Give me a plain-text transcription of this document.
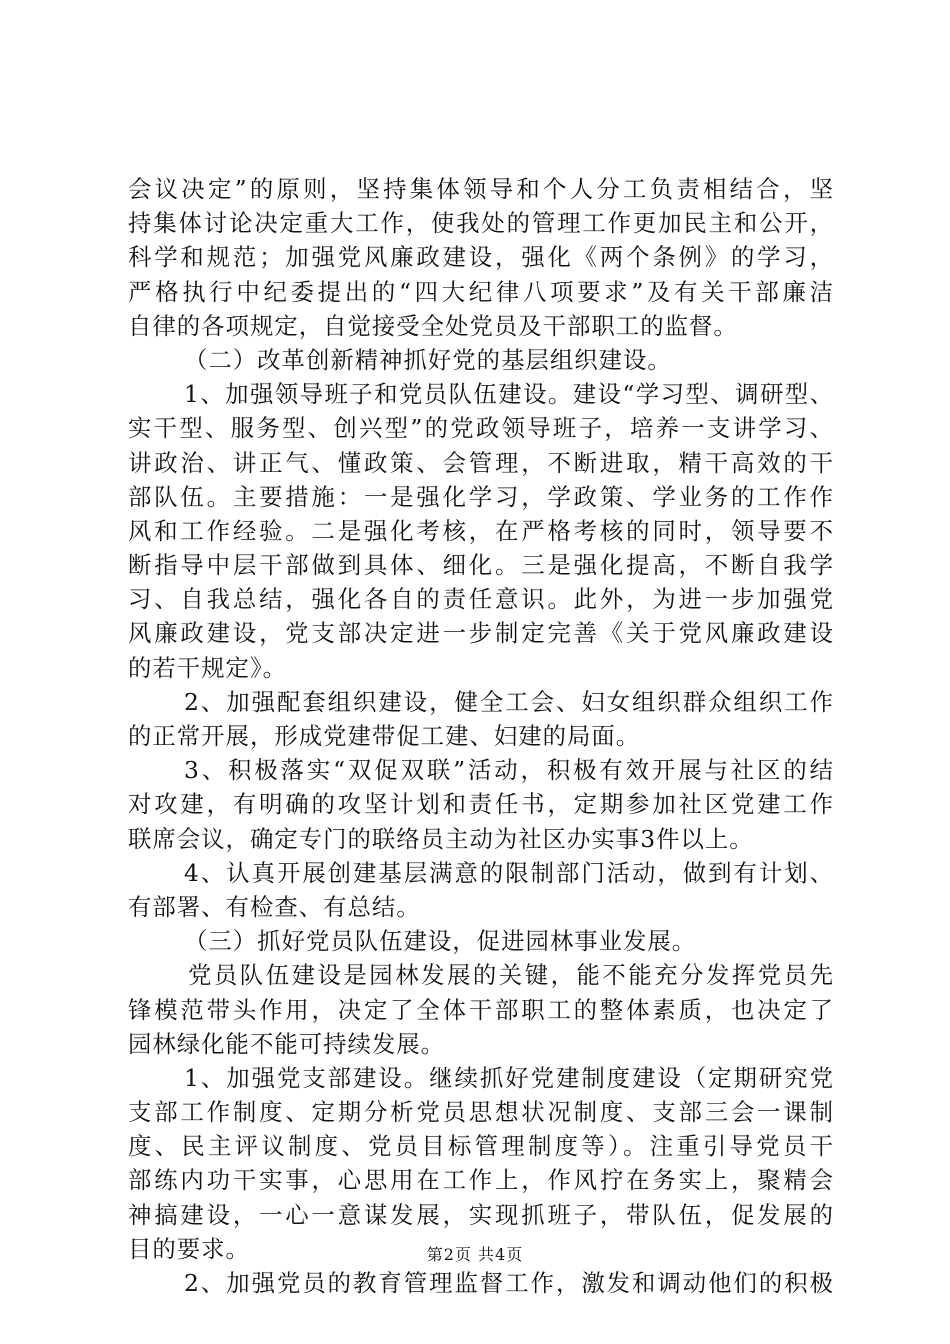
会议决定”的原则，坚持集体领导和个人分工负责相结合，坚
持集体讨论决定重大工作，使我处的管理工作更加民主和公开，
科学和规范；加强党风廉政建设，强化《两个条例》的学习，
严格执行中纪委提出的“四大纪律八项要求”及有关干部廉洁
自律的各项规定，自觉接受全处党员及干部职工的监督。
（二）改革创新精神抓好党的基层组织建设。
1、加强领导班子和党员队伍建设。建设“学习型、调研型、
实干型、服务型、创兴型”的党政领导班子，培养一支讲学习、
讲政治、讲正气、懂政策、会管理，不断进取，精干高效的干
部队伍。主要措施：一是强化学习，学政策、学业务的工作作
风和工作经验。二是强化考核，在严格考核的同时，领导要不
断指导中层干部做到具体、细化。三是强化提高，不断自我学
习、自我总结，强化各自的责任意识。此外，为进一步加强党
风廉政建设，党支部决定进一步制定完善《关于党风廉政建设
的若干规定》。
2、加强配套组织建设，健全工会、妇女组织群众组织工作
的正常开展，形成党建带促工建、妇建的局面。
3、积极落实“双促双联”活动，积极有效开展与社区的结
对攻建，有明确的攻坚计划和责任书，定期参加社区党建工作
联席会议，确定专门的联络员主动为社区办实事3件以上。
4、认真开展创建基层满意的限制部门活动，做到有计划、
有部署、有检查、有总结。
（三）抓好党员队伍建设，促进园林事业发展。
党员队伍建设是园林发展的关键，能不能充分发挥党员先
锋模范带头作用，决定了全体干部职工的整体素质，也决定了
园林绿化能不能可持续发展。
1、加强党支部建设。继续抓好党建制度建设（定期研究党
支部工作制度、定期分析党员思想状况制度、支部三会一课制
度、民主评议制度、党员目标管理制度等）。注重引导党员干
部练内功干实事，心思用在工作上，作风拧在务实上，聚精会
神搞建设，一心一意谋发展，实现抓班子，带队伍，促发展的
目的要求。
2、加强党员的教育管理监督工作，激发和调动他们的积极
第2页 共4页
